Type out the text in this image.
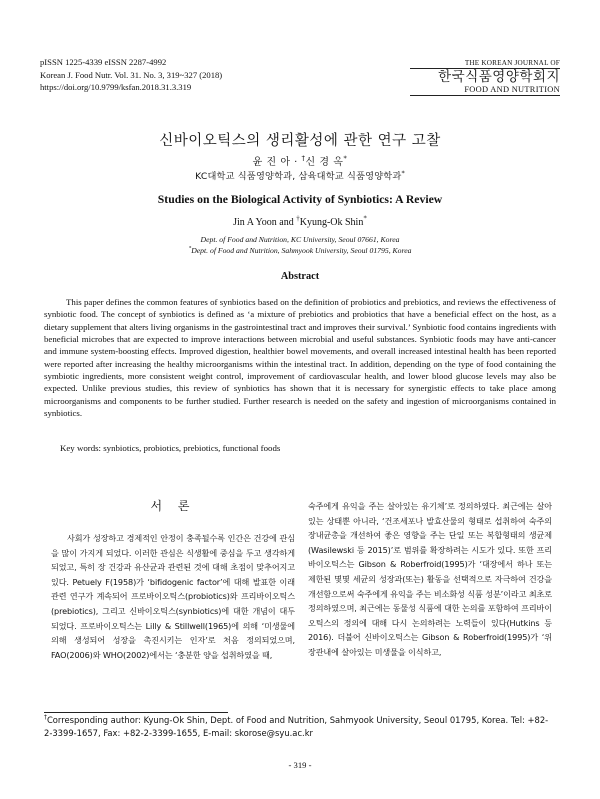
pISSN 1225-4339 eISSN 2287-4992
Korean J. Food Nutr. Vol. 31. No. 3, 319~327 (2018)
https://doi.org/10.9799/ksfan.2018.31.3.319
THE KOREAN JOURNAL OF
한국식품영양학회지
FOOD AND NUTRITION
신바이오틱스의 생리활성에 관한 연구 고찰
윤 진 아 · †신 경 옥*
KC대학교 식품영양학과, 삼육대학교 식품영양학과*
Studies on the Biological Activity of Synbiotics: A Review
Jin A Yoon and †Kyung-Ok Shin*
Dept. of Food and Nutrition, KC University, Seoul 07661, Korea
*Dept. of Food and Nutrition, Sahmyook University, Seoul 01795, Korea
Abstract

This paper defines the common features of synbiotics based on the definition of probiotics and prebiotics, and reviews the effectiveness of synbiotic food. The concept of synbiotics is defined as ‘a mixture of prebiotics and probiotics that have a beneficial effect on the host, as a dietary supplement that alters living organisms in the gastrointestinal tract and improves their survival.’ Synbiotic food contains ingredients with beneficial microbes that are expected to improve interactions between microbial and useful substances. Synbiotic foods may have anti-cancer and immune system-boosting effects. Improved digestion, healthier bowel movements, and overall increased intestinal health has been reported were reported after increasing the healthy microorganisms within the intestinal tract. In addition, depending on the type of food containing the symbiotic ingredients, more consistent weight control, improvement of cardiovascular health, and lower blood glucose levels may also be expected. Unlike previous studies, this review of synbiotics has shown that it is necessary for synergistic effects to take place among microorganisms and components to be further studied. Further research is needed on the safety and ingestion of microorganisms contained in synbiotics.

Key words: synbiotics, probiotics, prebiotics, functional foods
서 론

사회가 성장하고 경제적인 안정이 충족될수록 인간은 건강에 관심을 많이 가지게 되었다. 이러한 관심은 식생활에 중심을 두고 생각하게 되었고, 특히 장 건강과 유산균과 관련된 것에 대해 초점이 맞추어지고 있다. Petuely F(1958)가 ‘bifidogenic factor’에 대해 발표한 이래 관련 연구가 계속되어 프로바이오틱스(probiotics)와 프리바이오틱스(prebiotics), 그리고 신바이오틱스(synbiotics)에 대한 개념이 대두되었다. 프로바이오틱스는 Lilly & Stillwell(1965)에 의해 ‘미생물에 의해 생성되어 성장을 촉진시키는 인자’로 처음 정의되었으며, FAO(2006)와 WHO(2002)에서는 ‘충분한 양을 섭취하였을 때,

숙주에게 유익을 주는 살아있는 유기체’로 정의하였다. 최근에는 살아있는 상태뿐 아니라, ‘건조세포나 발효산물의 형태로 섭취하여 숙주의 장내균총을 개선하여 좋은 영향을 주는 단일 또는 복합형태의 생균제(Wasilewski 등 2015)’로 범위를 확장하려는 시도가 있다. 또한 프리바이오틱스는 Gibson & Roberfroid(1995)가 ‘대장에서 하나 또는 제한된 몇몇 세균의 성장과(또는) 활동을 선택적으로 자극하여 건강을 개선함으로써 숙주에게 유익을 주는 비소화성 식품 성분’이라고 최초로 정의하였으며, 최근에는 동물성 식품에 대한 논의를 포함하여 프리바이오틱스의 정의에 대해 다시 논의하려는 노력들이 있다(Hutkins 등 2016). 더불어 신바이오틱스는 Gibson & Roberfroid(1995)가 ‘위장관내에 살아있는 미생물을 이식하고,

†Corresponding author: Kyung-Ok Shin, Dept. of Food and Nutrition, Sahmyook University, Seoul 01795, Korea. Tel: +82-2-3399-1657, Fax: +82-2-3399-1655, E-mail: skorose@syu.ac.kr
- 319 -
